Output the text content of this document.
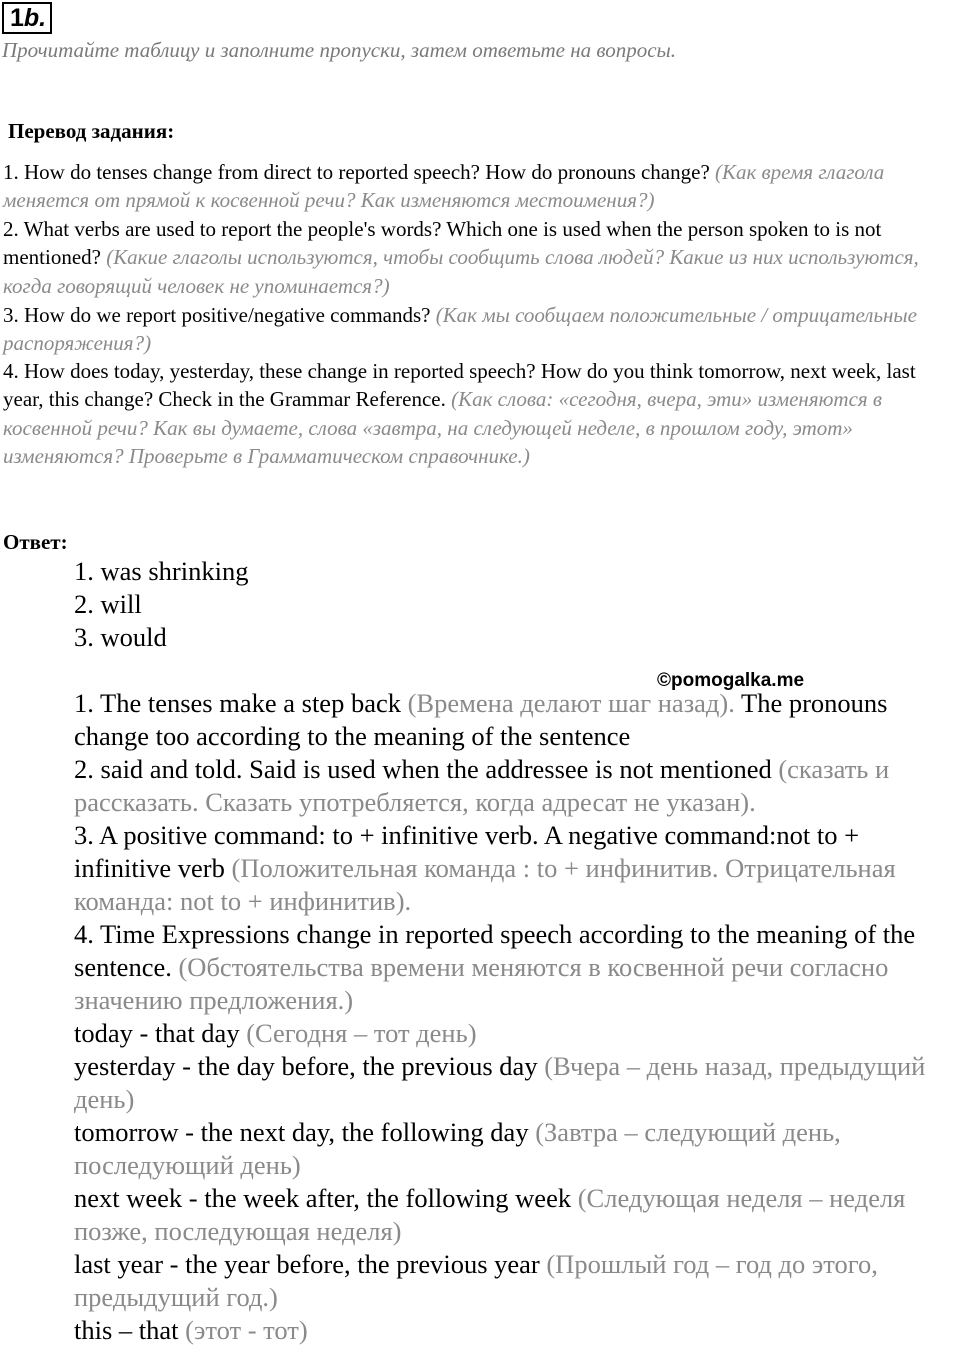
1b.
Прочитайте таблицу и заполните пропуски, затем ответьте на вопросы.
Перевод задания:
1. How do tenses change from direct to reported speech? How do pronouns change? (Как время глагола меняется от прямой к косвенной речи? Как изменяются местоимения?)
2. What verbs are used to report the people's words? Which one is used when the person spoken to is not mentioned? (Какие глаголы используются, чтобы сообщить слова людей? Какие из них используются, когда говорящий человек не упоминается?)
3. How do we report positive/negative commands? (Как мы сообщаем положительные / отрицательные распоряжения?)
4. How does today, yesterday, these change in reported speech? How do you think tomorrow, next week, last year, this change? Check in the Grammar Reference. (Как слова: «сегодня, вчера, эти» изменяются в косвенной речи? Как вы думаете, слова «завтра, на следующей неделе, в прошлом году, этот» изменяются? Проверьте в Грамматическом справочнике.)
Ответ:
1. was shrinking
2. will
3. would
©pomogalka.me

1. The tenses make a step back (Времена делают шаг назад). The pronouns change too according to the meaning of the sentence

2. said and told. Said is used when the addressee is not mentioned (сказать и рассказать. Сказать употребляется, когда адресат не указан).

3. A positive command: to + infinitive verb. A negative command:not to + infinitive verb (Положительная команда : to + инфинитив. Отрицательная команда: not to + инфинитив).

4. Time Expressions change in reported speech according to the meaning of the sentence. (Обстоятельства времени меняются в косвенной речи согласно значению предложения.)

today - that day (Сегодня – тот день)

yesterday - the day before, the previous day (Вчера – день назад, предыдущий день)

tomorrow - the next day, the following day (Завтра – следующий день, последующий день)

next week - the week after, the following week (Следующая неделя – неделя позже, последующая неделя)

last year - the year before, the previous year (Прошлый год – год до этого, предыдущий год.)

this – that (этот - тот)
